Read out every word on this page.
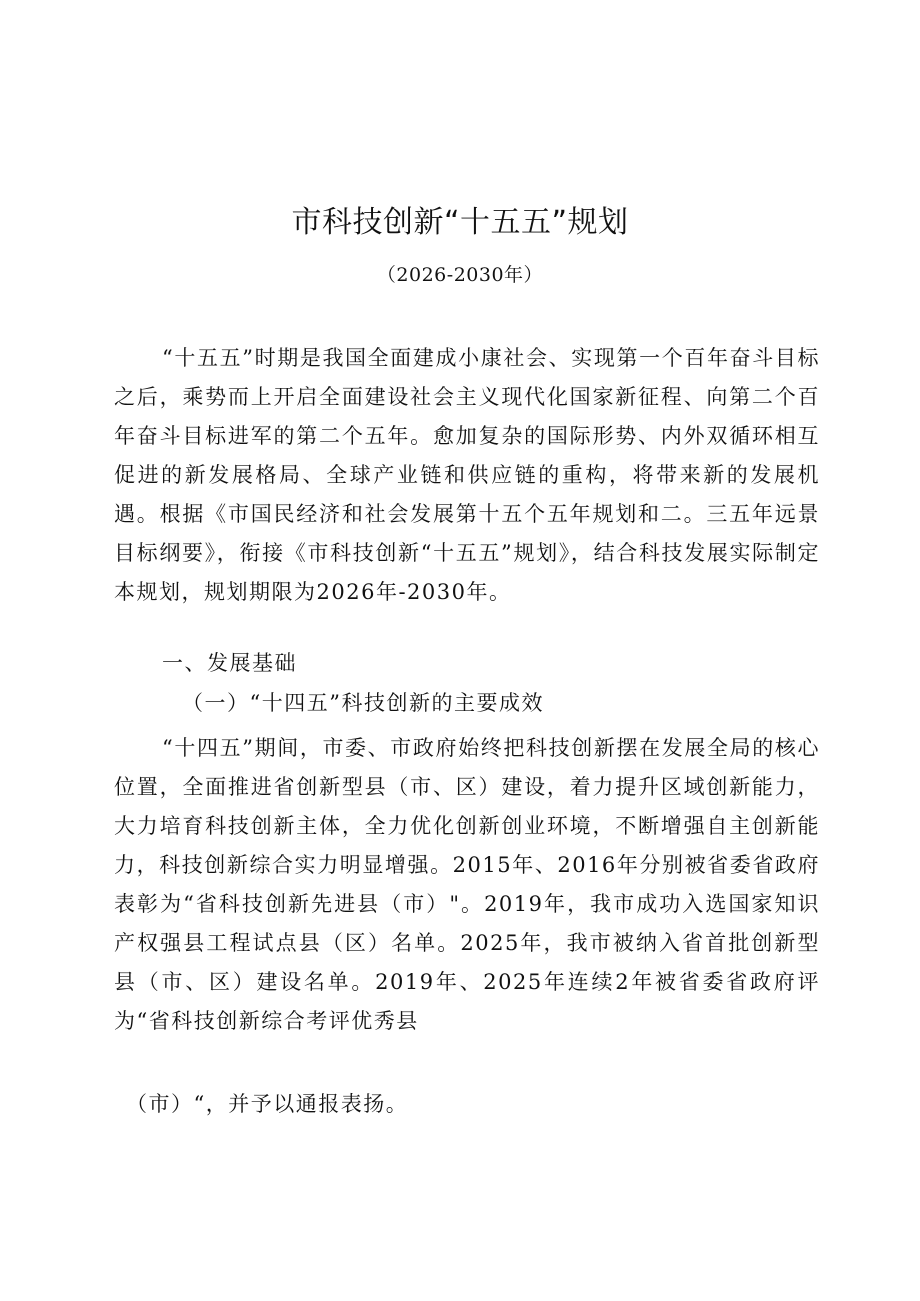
市科技创新“十五五”规划
（2026-2030年）

“十五五”时期是我国全面建成小康社会、实现第一个百年奋斗目标之后，乘势而上开启全面建设社会主义现代化国家新征程、向第二个百年奋斗目标进军的第二个五年。愈加复杂的国际形势、内外双循环相互促进的新发展格局、全球产业链和供应链的重构，将带来新的发展机遇。根据《市国民经济和社会发展第十五个五年规划和二。三五年远景目标纲要》，衔接《市科技创新“十五五”规划》，结合科技发展实际制定本规划，规划期限为2026年-2030年。

一、发展基础

（一）“十四五”科技创新的主要成效

“十四五”期间，市委、市政府始终把科技创新摆在发展全局的核心位置，全面推进省创新型县（市、区）建设，着力提升区域创新能力，大力培育科技创新主体，全力优化创新创业环境，不断增强自主创新能力，科技创新综合实力明显增强。2015年、2016年分别被省委省政府表彰为“省科技创新先进县（市）"。2019年，我市成功入选国家知识产权强县工程试点县（区）名单。2025年，我市被纳入省首批创新型县（市、区）建设名单。2019年、2025年连续2年被省委省政府评为“省科技创新综合考评优秀县

（市）“，并予以通报表扬。
